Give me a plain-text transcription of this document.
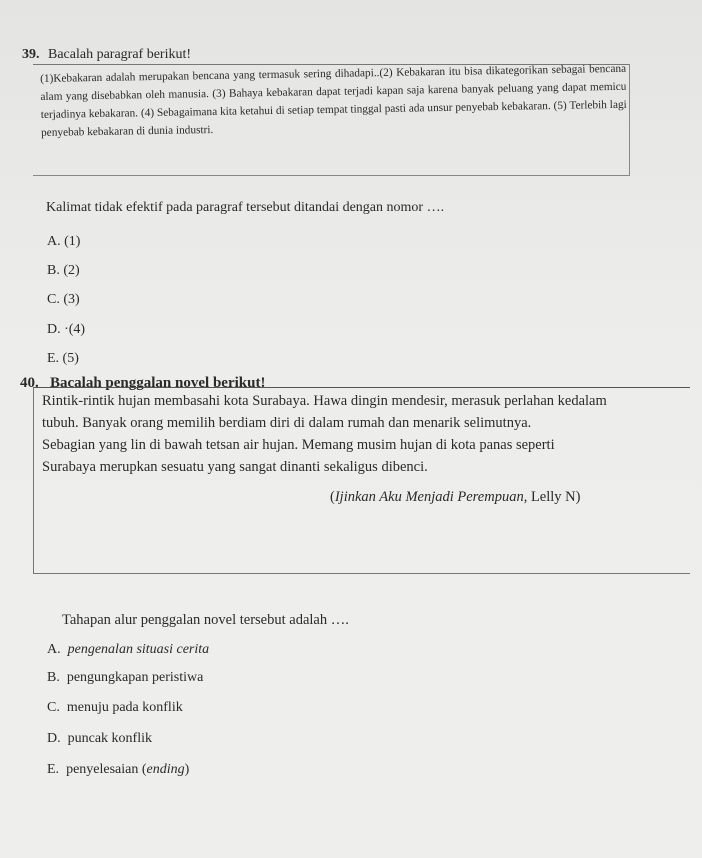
39. Bacalah paragraf berikut!
(1)Kebakaran adalah merupakan bencana yang termasuk sering dihadapi..(2) Kebakaran itu bisa dikategorikan sebagai bencana alam yang disebabkan oleh manusia. (3) Bahaya kebakaran dapat terjadi kapan saja karena banyak peluang yang dapat memicu terjadinya kebakaran. (4) Sebagaimana kita ketahui di setiap tempat tinggal pasti ada unsur penyebab kebakaran. (5) Terlebih lagi penyebab kebakaran di dunia industri.
Kalimat tidak efektif pada paragraf tersebut ditandai dengan nomor ….
A. (1)
B. (2)
C. (3)
D. ·(4)
E. (5)
40. Bacalah penggalan novel berikut!
Rintik-rintik hujan membasahi kota Surabaya. Hawa dingin mendesir, merasuk perlahan kedalam
tubuh. Banyak orang memilih berdiam diri di dalam rumah dan menarik selimutnya.
Sebagian yang lin di bawah tetsan air hujan. Memang musim hujan di kota panas seperti
Surabaya merupkan sesuatu yang sangat dinanti sekaligus dibenci.
(Ijinkan Aku Menjadi Perempuan, Lelly N)
Tahapan alur penggalan novel tersebut adalah ….
A. pengenalan situasi cerita
B. pengungkapan peristiwa
C. menuju pada konflik
D. puncak konflik
E. penyelesaian (ending)
